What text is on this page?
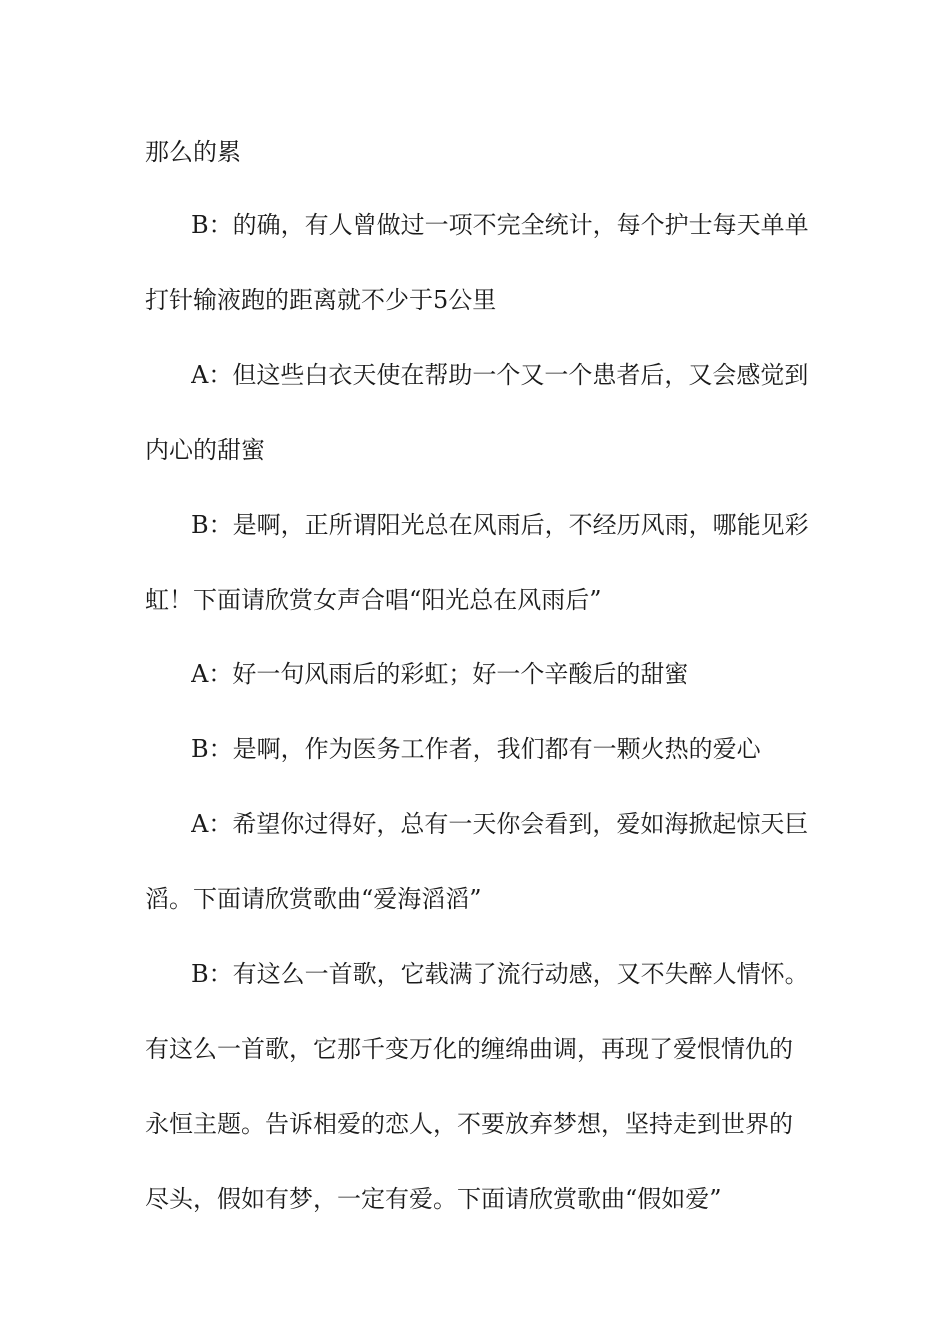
那么的累
B：的确，有人曾做过一项不完全统计，每个护士每天单单
打针输液跑的距离就不少于5公里
A：但这些白衣天使在帮助一个又一个患者后，又会感觉到
内心的甜蜜
B：是啊，正所谓阳光总在风雨后，不经历风雨，哪能见彩
虹！下面请欣赏女声合唱“阳光总在风雨后”
A：好一句风雨后的彩虹；好一个辛酸后的甜蜜
B：是啊，作为医务工作者，我们都有一颗火热的爱心
A：希望你过得好，总有一天你会看到，爱如海掀起惊天巨
滔。下面请欣赏歌曲“爱海滔滔”
B：有这么一首歌，它载满了流行动感，又不失醉人情怀。
有这么一首歌，它那千变万化的缠绵曲调，再现了爱恨情仇的
永恒主题。告诉相爱的恋人，不要放弃梦想，坚持走到世界的
尽头，假如有梦，一定有爱。下面请欣赏歌曲“假如爱”
